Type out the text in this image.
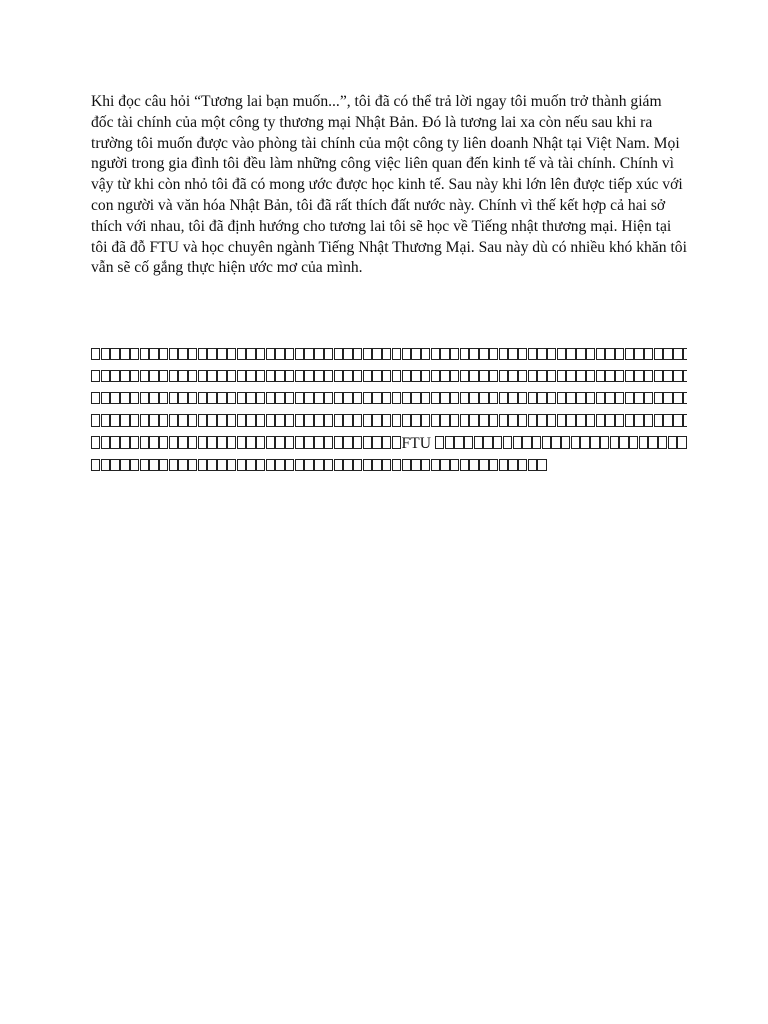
Khi đọc câu hỏi “Tương lai bạn muốn...”, tôi đã có thể trả lời ngay tôi muốn trở thành giám đốc tài chính của một công ty thương mại Nhật Bản. Đó là tương lai xa còn nếu sau khi ra trường tôi muốn được vào phòng tài chính của một công ty liên doanh Nhật tại Việt Nam. Mọi người trong gia đình tôi đều làm những công việc liên quan đến kinh tế và tài chính. Chính vì vậy từ khi còn nhỏ tôi đã có mong ước được học kinh tế. Sau này khi lớn lên được tiếp xúc với con người và văn hóa Nhật Bản, tôi đã rất thích đất nước này. Chính vì thế kết hợp cả hai sở thích với nhau, tôi đã định hướng cho tương lai tôi sẽ học về Tiếng nhật thương mại. Hiện tại tôi đã đỗ FTU và học chuyên ngành Tiếng Nhật Thương Mại. Sau này dù có nhiều khó khăn tôi vẫn sẽ cố gắng thực hiện ước mơ của mình.

FTU
